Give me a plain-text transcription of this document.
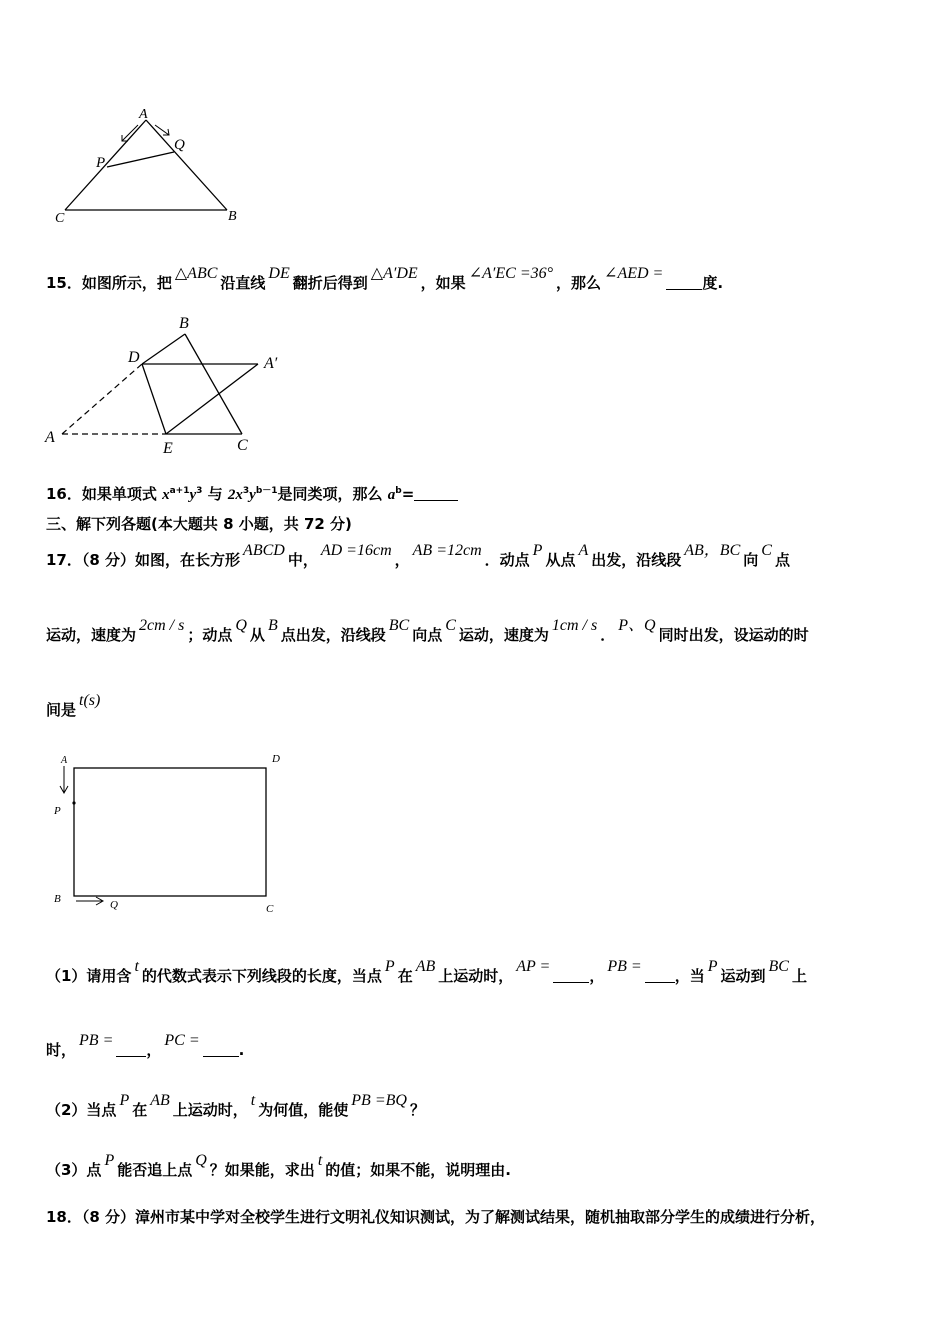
A
Q
P
C	B
15．如图所示，把△ABC沿直线DE翻折后得到△A′DE，如果∠A′EC =36°，那么∠AED =度.
B
D	A′
A
E	C
16．如果单项式 $x^{a+1}y^3$ 与 $2x^3y^{b-1}$是同类项，那么 $a^b=$
三、解下列各题(本大题共 8 小题，共 72 分)
17．（8 分）如图，在长方形ABCD中，AD =16cm，AB =12cm．动点P从点A出发，沿线段AB，BC向C点
运动，速度为2cm / s；动点Q从B点出发，沿线段BC向点C运动，速度为1cm / s．P、Q同时出发，设运动的时
间是t(s)
A	D
P
B	Q	C
（1）请用含t的代数式表示下列线段的长度，当点P在AB上运动时，AP =，PB =，当P运动到BC上
时，PB =，PC =.
（2）当点P在AB上运动时，t为何值，能使PB =BQ？
（3）点P能否追上点Q？如果能，求出t的值；如果不能，说明理由.
18．（8 分）漳州市某中学对全校学生进行文明礼仪知识测试，为了解测试结果，随机抽取部分学生的成绩进行分析，
